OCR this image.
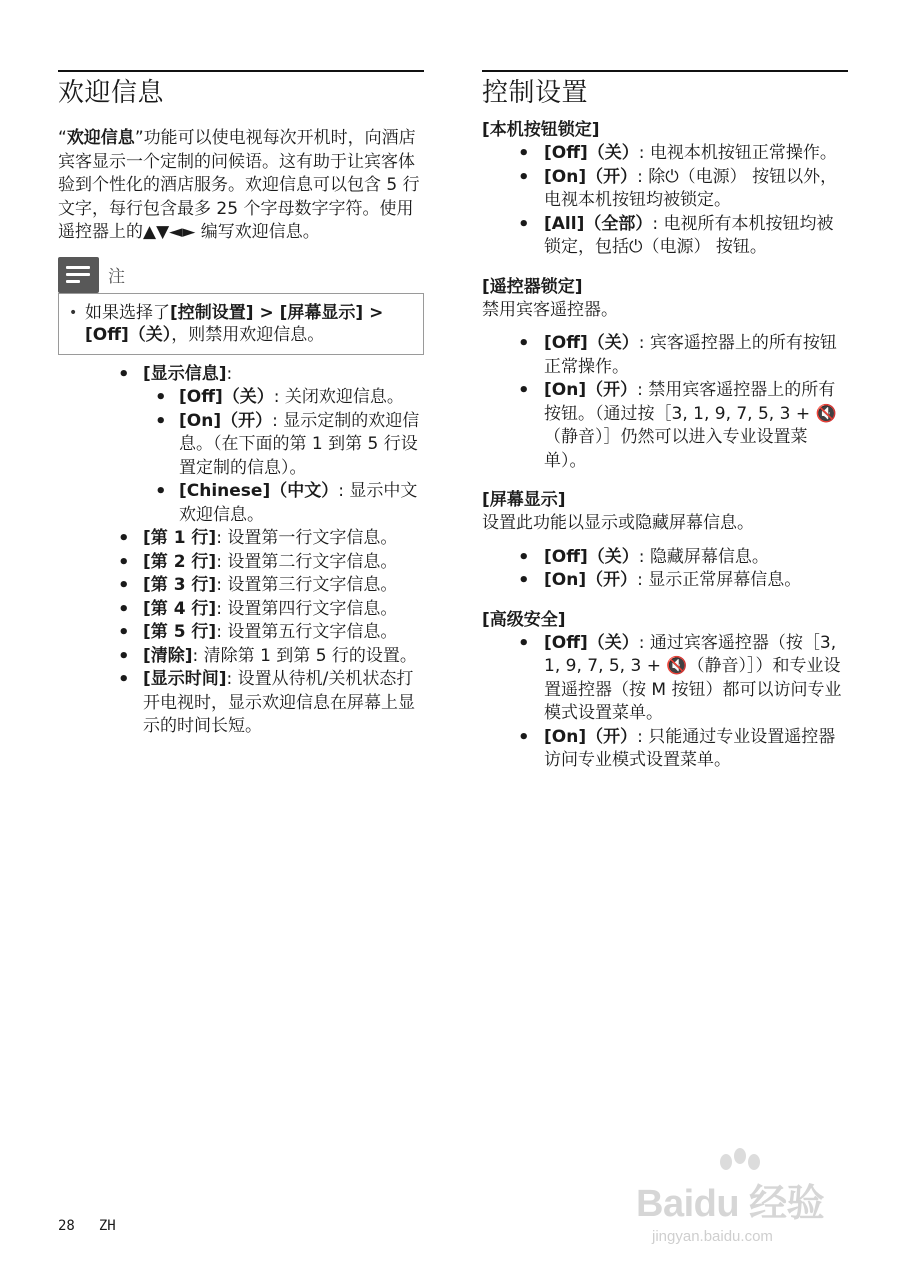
欢迎信息

“欢迎信息”功能可以使电视每次开机时，向酒店宾客显示一个定制的问候语。这有助于让宾客体验到个性化的酒店服务。欢迎信息可以包含 5 行文字，每行包含最多 25 个字母数字字符。使用遥控器上的▲▼◄► 编写欢迎信息。

注
• 如果选择了[控制设置] > [屏幕显示] >
[Off]（关），则禁用欢迎信息。
• [显示信息]:
• [Off]（关）: 关闭欢迎信息。
• [On]（开）: 显示定制的欢迎信息。（在下面的第 1 到第 5 行设置定制的信息）。
• [Chinese]（中文）: 显示中文欢迎信息。
• [第 1 行]: 设置第一行文字信息。
• [第 2 行]: 设置第二行文字信息。
• [第 3 行]: 设置第三行文字信息。
• [第 4 行]: 设置第四行文字信息。
• [第 5 行]: 设置第五行文字信息。
• [清除]: 清除第 1 到第 5 行的设置。
• [显示时间]: 设置从待机/关机状态打开电视时，显示欢迎信息在屏幕上显示的时间长短。
控制设置
[本机按钮锁定]
• [Off]（关）: 电视本机按钮正常操作。
• [On]（开）: 除⏻（电源） 按钮以外，电视本机按钮均被锁定。
• [All]（全部）: 电视所有本机按钮均被锁定，包括⏻（电源） 按钮。
[遥控器锁定]

禁用宾客遥控器。

• [Off]（关）: 宾客遥控器上的所有按钮正常操作。
• [On]（开）: 禁用宾客遥控器上的所有按钮。（通过按［3, 1, 9, 7, 5, 3 + 🔇（静音）］仍然可以进入专业设置菜单）。
[屏幕显示]

设置此功能以显示或隐藏屏幕信息。

• [Off]（关）: 隐藏屏幕信息。
• [On]（开）: 显示正常屏幕信息。
[高级安全]
• [Off]（关）: 通过宾客遥控器（按［3, 1, 9, 7, 5, 3 + 🔇（静音）］）和专业设置遥控器（按 M 按钮）都可以访问专业模式设置菜单。
• [On]（开）: 只能通过专业设置遥控器访问专业模式设置菜单。
28 ZH
Baidu 经验
jingyan.baidu.com
